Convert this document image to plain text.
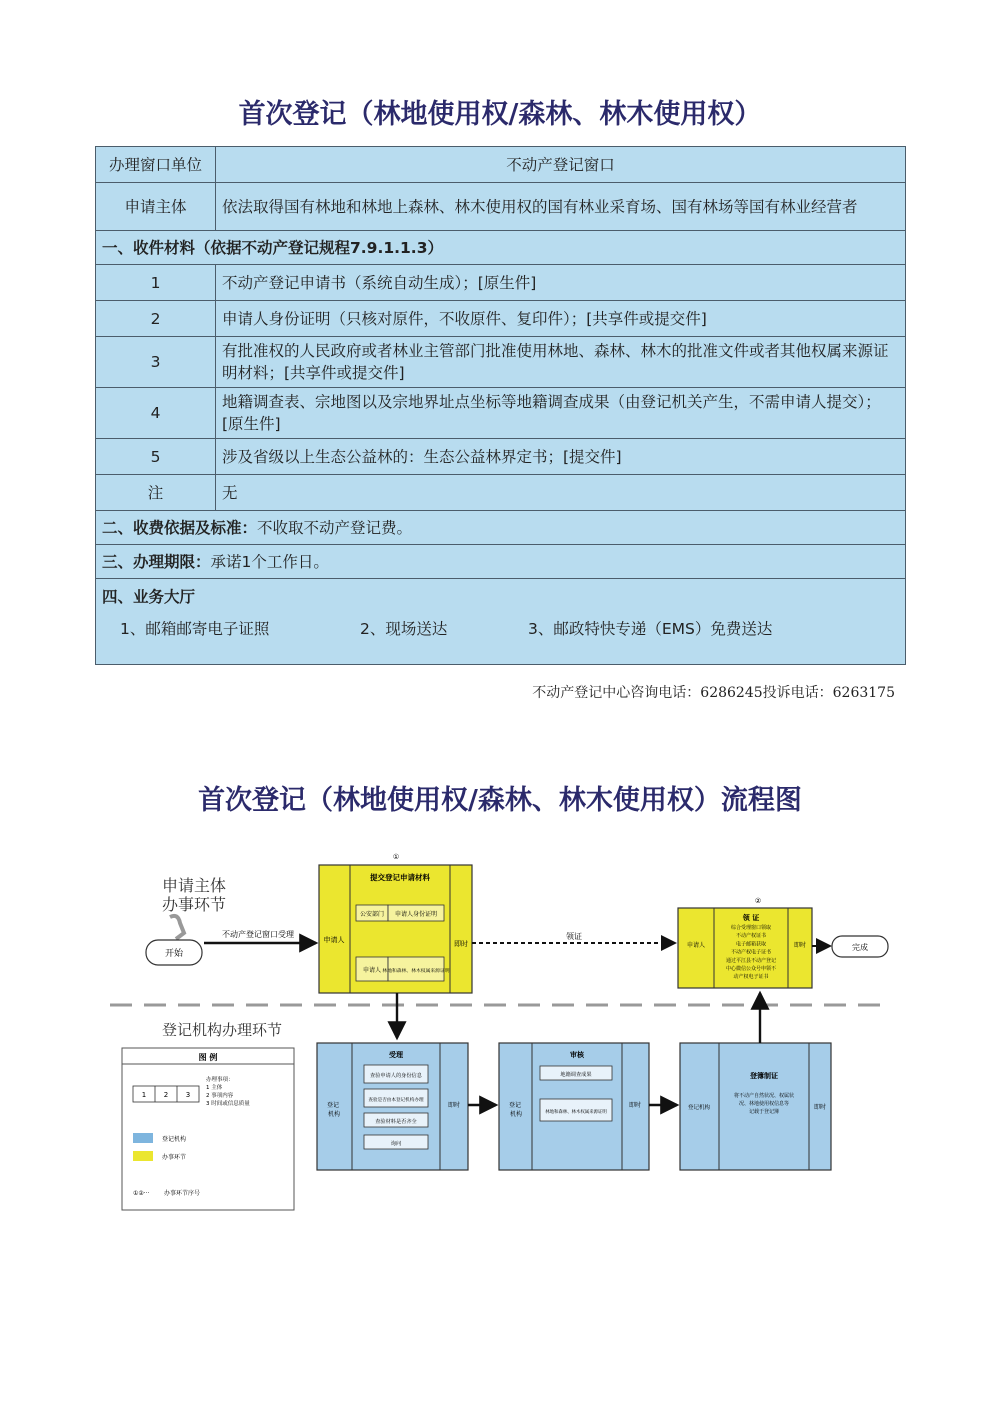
首次登记（林地使用权/森林、林木使用权）
办理窗口单位	不动产登记窗口
申请主体	依法取得国有林地和林地上森林、林木使用权的国有林业采育场、国有林场等国有林业经营者
一、收件材料（依据不动产登记规程7.9.1.1.3）	
1	不动产登记申请书（系统自动生成）；[原生件]
2	申请人身份证明（只核对原件，不收原件、复印件）；[共享件或提交件]
3	有批准权的人民政府或者林业主管部门批准使用林地、森林、林木的批准文件或者其他权属来源证明材料；[共享件或提交件]
4	地籍调查表、宗地图以及宗地界址点坐标等地籍调查成果（由登记机关产生，不需申请人提交）；[原生件]
5	涉及省级以上生态公益林的：生态公益林界定书；[提交件]
注	无
二、收费依据及标准：不收取不动产登记费。	
三、办理期限：承诺1个工作日。	

四、业务大厅
1、邮箱邮寄电子证照 2、现场送达 3、邮政特快专递（EMS）免费送达	
不动产登记中心咨询电话：6286245投诉电话：6263175
首次登记（林地使用权/森林、林木使用权）流程图
申请主体 办事环节
登记机构办理环节
开始
不动产登记窗口受理
①
申请人	即时
提交登记申请材料
公安部门 申请人身份证明
申请人 林地和森林、林木权属来源证明
领证
②
申请人	即时
领 证
综合受理窗口领取
不动产权证书
电子邮箱获取
不动产权电子证书
通过平江县不动产登记
中心微信公众号申领不
动产权电子证书
完成
登记 机构
即时
受理
查验申请人的身份信息
查验是否由本登记机构办理
查验材料是否齐全
询问
登记 机构
即时
审核
地籍调查成果
林地和森林、林木权属来源证明
登记机构	即时
登簿制证
将不动产自然状况、权属状
况、林地使用权信息等
记载于登记簿
图 例
1	2	3
办理事项：
1 主体
2 事项内容
3 时间或信息质量
登记机构
办事环节
①②··· 办事环节序号
